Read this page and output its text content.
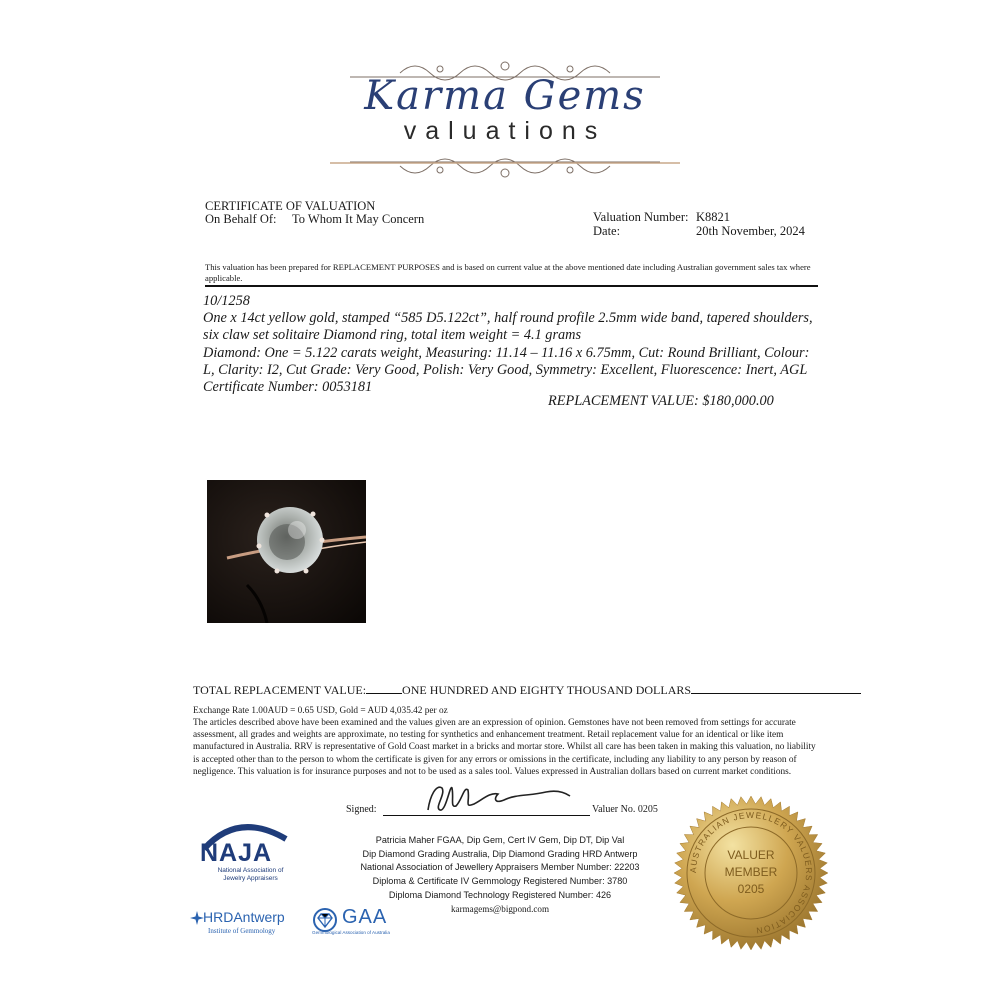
Karma Gems
valuations
CERTIFICATE OF VALUATION
On Behalf Of: To Whom It May Concern	Valuation Number: K8821
Date:	20th November, 2024
This valuation has been prepared for REPLACEMENT PURPOSES and is based on current value at the above mentioned date including Australian government sales tax where applicable.
10/1258
One x 14ct yellow gold, stamped “585 D5.122ct”, half round profile 2.5mm wide band, tapered shoulders, six claw set solitaire Diamond ring, total item weight = 4.1 grams
Diamond: One = 5.122 carats weight, Measuring: 11.14 – 11.16 x 6.75mm, Cut: Round Brilliant, Colour: L, Clarity: I2, Cut Grade: Very Good, Polish: Very Good, Symmetry: Excellent, Fluorescence: Inert, AGL Certificate Number: 0053181
REPLACEMENT VALUE: $180,000.00
TOTAL REPLACEMENT VALUE:	ONE HUNDRED AND EIGHTY THOUSAND DOLLARS
Exchange Rate 1.00AUD = 0.65 USD, Gold = AUD 4,035.42 per oz
The articles described above have been examined and the values given are an expression of opinion. Gemstones have not been removed from settings for accurate assessment, all grades and weights are approximate, no testing for synthetics and enhancement treatment. Retail replacement value for an identical or like item manufactured in Australia. RRV is representative of Gold Coast market in a bricks and mortar store. Whilst all care has been taken in making this valuation, no liability is accepted other than to the person to whom the certificate is given for any errors or omissions in the certificate, including any liability to any person by reason of negligence. This valuation is for insurance purposes and not to be used as a sales tool. Values expressed in Australian dollars based on current market conditions.
Signed:	Valuer No. 0205
Patricia Maher FGAA, Dip Gem, Cert IV Gem, Dip DT, Dip Val
Dip Diamond Grading Australia, Dip Diamond Grading HRD Antwerp
National Association of Jewellery Appraisers Member Number: 22203
Diploma & Certificate IV Gemmology Registered Number: 3780
Diploma Diamond Technology Registered Number: 426
karmagems@bigpond.com
NAJA
National Association of
Jewelry Appraisers
HRDAntwerp
Institute of Gemmology
GAA
Gemmological Association of Australia
AUSTRALIAN JEWELLERY VALUERS ASSOCIATION
VALUER
MEMBER
0205
